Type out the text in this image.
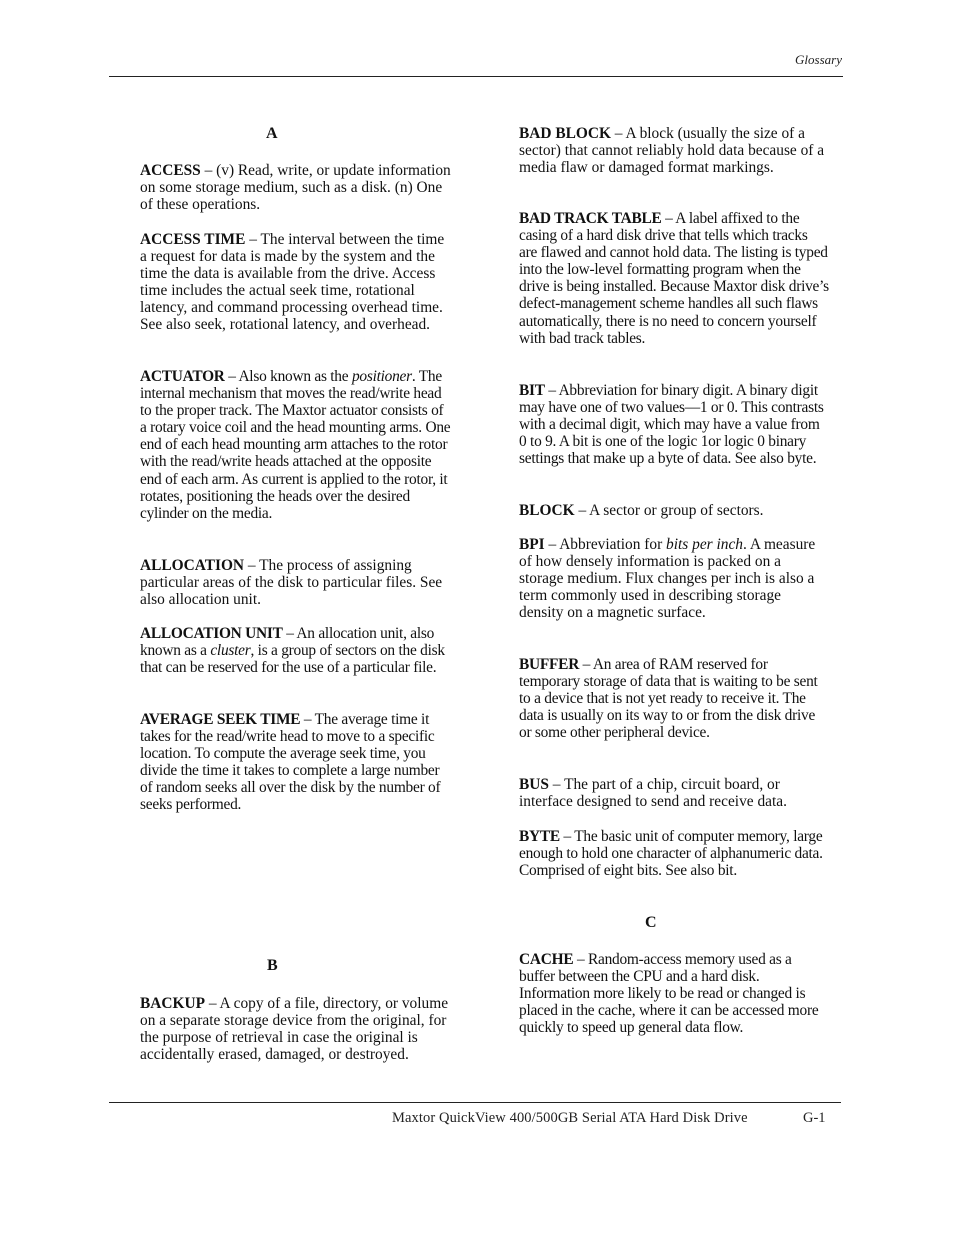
Glossary
A

ACCESS – (v) Read, write, or update information on some storage medium, such as a disk. (n) One of these operations.

ACCESS TIME – The interval between the time a request for data is made by the system and the time the data is available from the drive. Access time includes the actual seek time, rotational latency, and command processing overhead time. See also seek, rotational latency, and overhead.

ACTUATOR – Also known as the positioner. The internal mechanism that moves the read/write head to the proper track. The Maxtor actuator consists of a rotary voice coil and the head mounting arms. One end of each head mounting arm attaches to the rotor with the read/write heads attached at the opposite end of each arm. As current is applied to the rotor, it rotates, positioning the heads over the desired cylinder on the media.

ALLOCATION – The process of assigning particular areas of the disk to particular files. See also allocation unit.

ALLOCATION UNIT – An allocation unit, also known as a cluster, is a group of sectors on the disk that can be reserved for the use of a particular file.

AVERAGE SEEK TIME – The average time it takes for the read/write head to move to a specific location. To compute the average seek time, you divide the time it takes to complete a large number of random seeks all over the disk by the number of seeks performed.

B

BACKUP – A copy of a file, directory, or volume on a separate storage device from the original, for the purpose of retrieval in case the original is accidentally erased, damaged, or destroyed.

BAD BLOCK – A block (usually the size of a sector) that cannot reliably hold data because of a media flaw or damaged format markings.

BAD TRACK TABLE – A label affixed to the casing of a hard disk drive that tells which tracks are flawed and cannot hold data. The listing is typed into the low-level formatting program when the drive is being installed. Because Maxtor disk drive’s defect-management scheme handles all such flaws automatically, there is no need to concern yourself with bad track tables.

BIT – Abbreviation for binary digit. A binary digit may have one of two values—1 or 0. This contrasts with a decimal digit, which may have a value from 0 to 9. A bit is one of the logic 1or logic 0 binary settings that make up a byte of data. See also byte.

BLOCK – A sector or group of sectors.

BPI – Abbreviation for bits per inch. A measure of how densely information is packed on a storage medium. Flux changes per inch is also a term commonly used in describing storage density on a magnetic surface.

BUFFER – An area of RAM reserved for temporary storage of data that is waiting to be sent to a device that is not yet ready to receive it. The data is usually on its way to or from the disk drive or some other peripheral device.

BUS – The part of a chip, circuit board, or interface designed to send and receive data.

BYTE – The basic unit of computer memory, large enough to hold one character of alphanumeric data. Comprised of eight bits. See also bit.

C

CACHE – Random-access memory used as a buffer between the CPU and a hard disk. Information more likely to be read or changed is placed in the cache, where it can be accessed more quickly to speed up general data flow.

Maxtor QuickView 400/500GB Serial ATA Hard Disk Drive	G-1
